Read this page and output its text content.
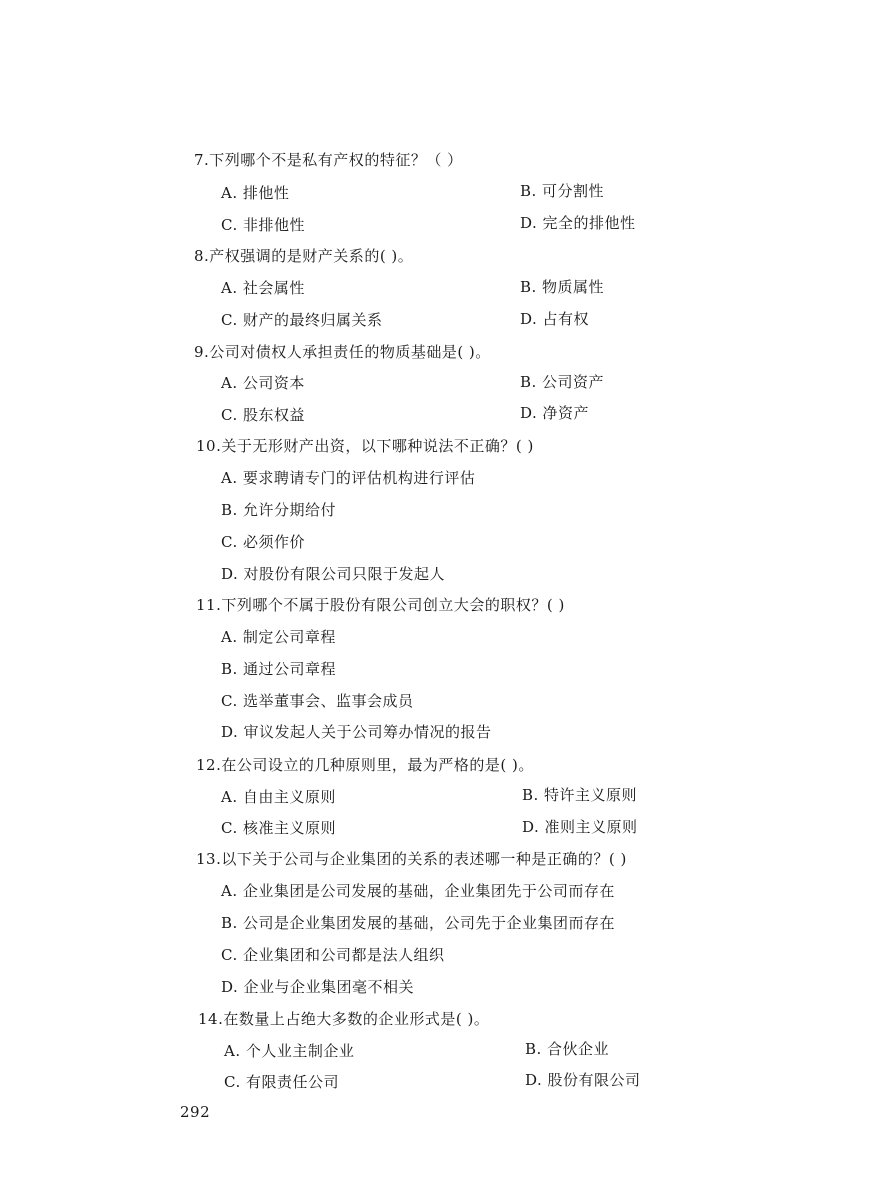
7.下列哪个不是私有产权的特征？（ ）
A. 排他性	B. 可分割性
C. 非排他性	D. 完全的排他性
8.产权强调的是财产关系的( )。
A. 社会属性	B. 物质属性
C. 财产的最终归属关系	D. 占有权
9.公司对债权人承担责任的物质基础是( )。
A. 公司资本	B. 公司资产
C. 股东权益	D. 净资产
10.关于无形财产出资，以下哪种说法不正确？( )
A. 要求聘请专门的评估机构进行评估
B. 允许分期给付
C. 必须作价
D. 对股份有限公司只限于发起人
11.下列哪个不属于股份有限公司创立大会的职权？( )
A. 制定公司章程
B. 通过公司章程
C. 选举董事会、监事会成员
D. 审议发起人关于公司筹办情况的报告
12.在公司设立的几种原则里，最为严格的是( )。
A. 自由主义原则	B. 特许主义原则
C. 核准主义原则	D. 准则主义原则
13.以下关于公司与企业集团的关系的表述哪一种是正确的？( )
A. 企业集团是公司发展的基础，企业集团先于公司而存在
B. 公司是企业集团发展的基础，公司先于企业集团而存在
C. 企业集团和公司都是法人组织
D. 企业与企业集团毫不相关
14.在数量上占绝大多数的企业形式是( )。
A. 个人业主制企业	B. 合伙企业
C. 有限责任公司	D. 股份有限公司
292
